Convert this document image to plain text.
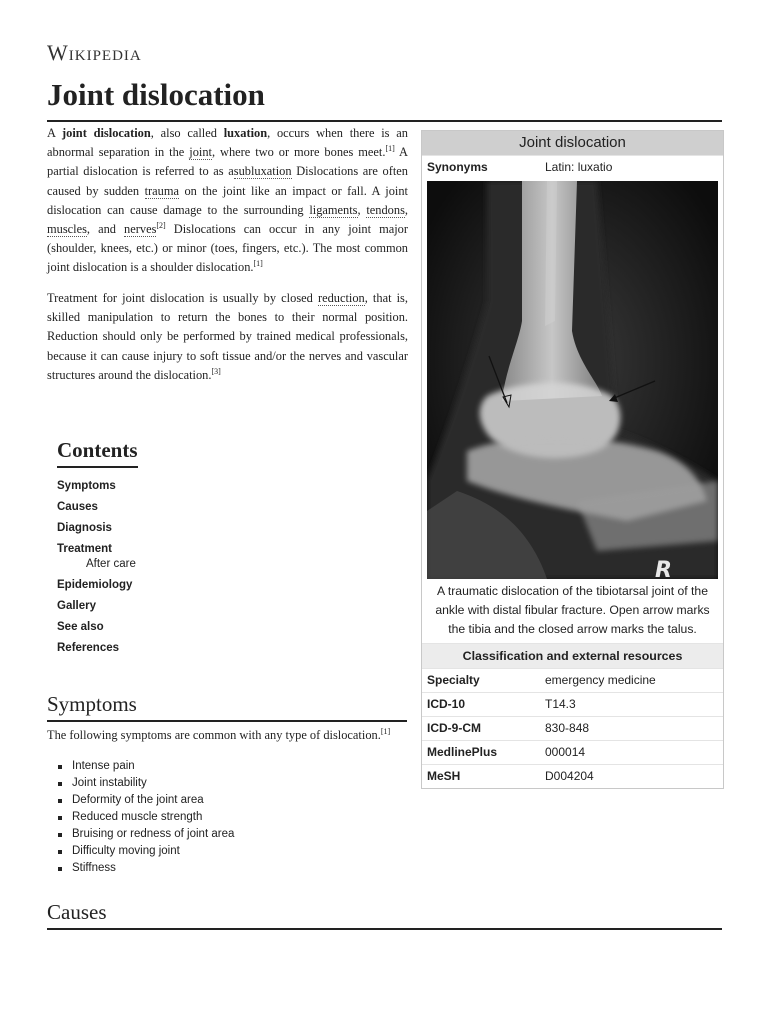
Wikipedia
Joint dislocation

A joint dislocation, also called luxation, occurs when there is an abnormal separation in the joint, where two or more bones meet.[1] A partial dislocation is referred to as asubluxation Dislocations are often caused by sudden trauma on the joint like an impact or fall. A joint dislocation can cause damage to the surrounding ligaments, tendons, muscles, and nerves[2] Dislocations can occur in any joint major (shoulder, knees, etc.) or minor (toes, fingers, etc.). The most common joint dislocation is a shoulder dislocation.[1]

Treatment for joint dislocation is usually by closed reduction, that is, skilled manipulation to return the bones to their normal position. Reduction should only be performed by trained medical professionals, because it can cause injury to soft tissue and/or the nerves and vascular structures around the dislocation.[3]

Contents
Symptoms
Causes
Diagnosis
Treatment
After care
Epidemiology
Gallery
See also
References
Symptoms

The following symptoms are common with any type of dislocation.[1]

Intense pain
Joint instability
Deformity of the joint area
Reduced muscle strength
Bruising or redness of joint area
Difficulty moving joint
Stiffness
Causes
Joint dislocation
Synonyms	Latin: luxatio
R
A traumatic dislocation of the tibiotarsal joint of the ankle with distal fibular fracture. Open arrow marks the tibia and the closed arrow marks the talus.
Classification and external resources
Specialty	emergency medicine
ICD-10	T14.3
ICD-9-CM	830-848
MedlinePlus	000014
MeSH	D004204
